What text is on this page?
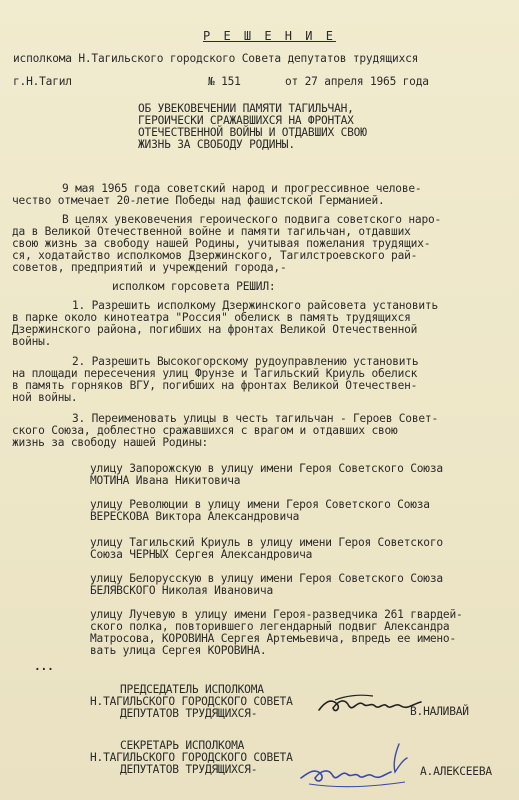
Р Е Ш Е Н И Е
исполкома Н.Тагильского городского Совета депутатов трудящихся
г.Н.Тагил	№ 151	от 27 апреля 1965 года
ОБ УВЕКОВЕЧЕНИИ ПАМЯТИ ТАГИЛЬЧАН,
ГЕРОИЧЕСКИ СРАЖАВШИХСЯ НА ФРОНТАХ
ОТЕЧЕСТВЕННОЙ ВОЙНЫ И ОТДАВШИХ СВОЮ
ЖИЗНЬ ЗА СВОБОДУ РОДИНЫ.
9 мая 1965 года советский народ и прогрессивное челове-
чество отмечает 20-летие Победы над фашистской Германией.
В целях увековечения героического подвига советского наро-
да в Великой Отечественной войне и памяти тагильчан, отдавших
свою жизнь за свободу нашей Родины, учитывая пожелания трудящих-
ся, ходатайство исполкомов Дзержинского, Тагилстроевского рай-
советов, предприятий и учреждений города,-
исполком горсовета РЕШИЛ:
1. Разрешить исполкому Дзержинского райсовета установить
в парке около кинотеатра "Россия" обелиск в память трудящихся
Дзержинского района, погибших на фронтах Великой Отечественной
войны.
2. Разрешить Высокогорскому рудоуправлению установить
на площади пересечения улиц Фрунзе и Тагильский Криуль обелиск
в память горняков ВГУ, погибших на фронтах Великой Отечествен-
ной войны.
3. Переименовать улицы в честь тагильчан - Героев Совет-
ского Союза, доблестно сражавшихся с врагом и отдавших свою
жизнь за свободу нашей Родины:
улицу Запорожскую в улицу имени Героя Советского Союза
МОТИНА Ивана Никитовича
улицу Революции в улицу имени Героя Советского Союза
ВЕРЕСКОВА Виктора Александровича
улицу Тагильский Криуль в улицу имени Героя Советского
Союза ЧЕРНЫХ Сергея Александровича
улицу Белорусскую в улицу имени Героя Советского Союза
БЕЛЯВСКОГО Николая Ивановича
улицу Лучевую в улицу имени Героя-разведчика 261 гвардей-
ского полка, повторившего легендарный подвиг Александра
Матросова, КОРОВИНА Сергея Артемьевича, впредь ее имено-
вать улица Сергея КОРОВИНА.
...
ПРЕДСЕДАТЕЛЬ ИСПОЛКОМА
Н.ТАГИЛЬСКОГО ГОРОДСКОГО СОВЕТА
ДЕПУТАТОВ ТРУДЯЩИХСЯ-	В.НАЛИВАЙ
СЕКРЕТАРЬ ИСПОЛКОМА
Н.ТАГИЛЬСКОГО ГОРОДСКОГО СОВЕТА
ДЕПУТАТОВ ТРУДЯЩИХСЯ-	А.АЛЕКСЕЕВА
